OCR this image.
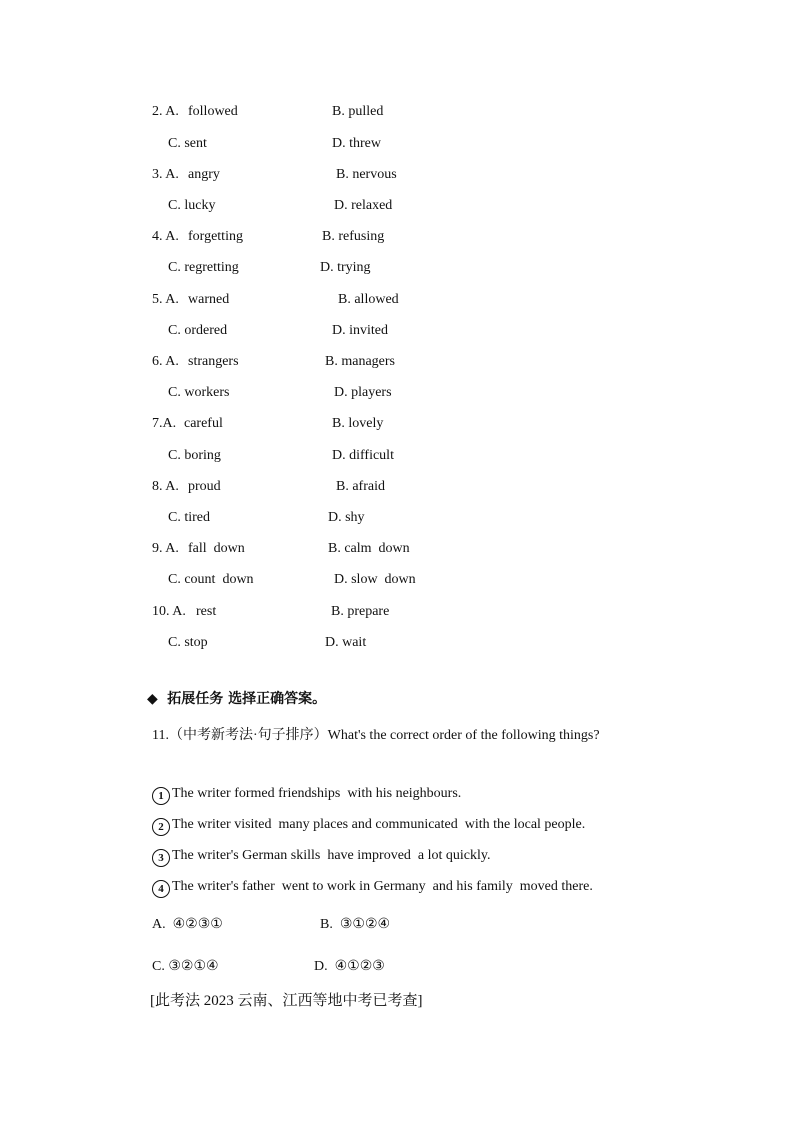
2. A. followed	B. pulled
C. sent	D. threw
3. A. angry	B. nervous
C. lucky	D. relaxed
4. A. forgetting	B. refusing
C. regretting	D. trying
5. A. warned	B. allowed
C. ordered	D. invited
6. A. strangers	B. managers
C. workers	D. players
7.A. careful	B. lovely
C. boring	D. difficult
8. A. proud	B. afraid
C. tired	D. shy
9. A. fall  down	B. calm  down
C. count  down	D. slow  down
10. A. rest	B. prepare
C. stop	D. wait
◆ 拓展任务 选择正确答案。
11.（中考新考法·句子排序）What's the correct order of the following things?
1 The writer formed friendships  with his neighbours.
2 The writer visited  many places and communicated  with the local people.
3 The writer's German skills  have improved  a lot quickly.
4 The writer's father  went to work in Germany  and his family  moved there.
A.  ④②③①	B.  ③①②④
C. ③②①④	D.  ④①②③
[此考法 2023 云南、江西等地中考已考查]
